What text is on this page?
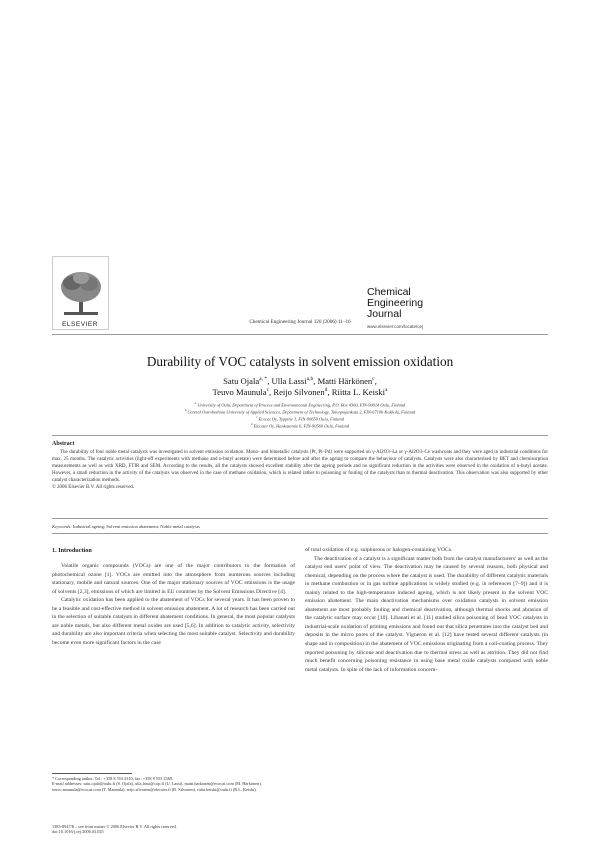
ELSEVIER	Chemical Engineering Journal 120 (2006) 11–16
Chemical
Engineering
Journal
www.elsevier.com/locate/cej
Durability of VOC catalysts in solvent emission oxidation
Satu Ojala$^{a, *}$, Ulla Lassi$^{a,b}$, Matti Härkönen$^c$,
Teuvo Maunula$^c$, Reijo Silvonen$^d$, Riitta L. Keiski$^a$
$^a$ University of Oulu, Department of Process and Environmental Engineering, P.O. Box 4300, FIN-90014 Oulu, Finland
$^b$ Central Ostrobothnia University of Applied Sciences, Department of Technology, Talonpojankatu 2, FIN-67100 Kokkola, Finland
$^c$ Ecocat Oy, Typpitie 1, FIN-90650 Oulu, Finland
$^d$ Elecster Oy, Hankasentie 6, FIN-90560 Oulu, Finland
Abstract
The durability of four noble metal catalysts was investigated in solvent emission oxidation. Mono- and bimetallic catalysts (Pt, Pt–Pd) were supported on γ-Al2O3–La or γ-Al2O3–Ce washcoats and they were aged in industrial conditions for max. 25 months. The catalytic activities (light-off experiments with methane and n-butyl acetate) were determined before and after the ageing to compare the behaviour of catalysts. Catalysts were also characterised by BET and chemisorption measurements as well as with XRD, FTIR and SEM. According to the results, all the catalysts showed excellent stability after the ageing periods and no significant reduction in the activities were observed in the oxidation of n-butyl acetate. However, a small reduction in the activity of the catalysts was observed in the case of methane oxidation, which is related rather to poisoning or fouling of the catalysts than to thermal deactivation. This observation was also supported by other catalyst characterization methods.
© 2006 Elsevier B.V. All rights reserved.
Keywords: Industrial ageing; Solvent emission abatement; Noble metal catalysts
1. Introduction

Volatile organic compounds (VOCs) are one of the major contributors to the formation of photochemical ozone [1]. VOCs are emitted into the atmosphere from numerous sources including stationary, mobile and natural sources. One of the major stationary sources of VOC emissions is the usage of solvents [2,3], emissions of which are limited in EU countries by the Solvent Emissions Directive [4].

Catalytic oxidation has been applied to the abatement of VOCs for several years. It has been proven to be a feasible and cost-effective method in solvent emission abatement. A lot of research has been carried out in the selection of suitable catalysts in different abatement conditions. In general, the most popular catalysts are noble metals, but also different metal oxides are used [5,6]. In addition to catalytic activity, selectivity and durability are also important criteria when selecting the most suitable catalyst. Selectivity and durability become even more significant factors in the case

of total oxidation of e.g. sulphurous or halogen-containing VOCs.

The deactivation of a catalyst is a significant matter both from the catalyst manufacturers' as well as the catalyst end users' point of view. The deactivation may be caused by several reasons, both physical and chemical, depending on the process where the catalyst is used. The durability of different catalytic materials in methane combustion or in gas turbine applications is widely studied (e.g. in references [7–9]) and it is mainly related to the high-temperature induced ageing, which is not likely present in the solvent VOC emission abatement. The main deactivation mechanisms over oxidation catalysts in solvent emission abatement are most probably fouling and chemical deactivation, although thermal shocks and abrasion of the catalytic surface may occur [10]. Libanati et al. [11] studied silica poisoning of bead VOC catalysts in industrial-scale oxidation of printing emissions and found out that silica penetrates into the catalyst bed and deposits in the micro pores of the catalyst. Vigneron et al. [12] have tested several different catalysts (in shape and in composition) in the abatement of VOC emissions originating from a coil-coating process. They reported poisoning by silicone and deactivation due to thermal stress as well as attrition. They did not find much benefit concerning poisoning resistance in using base metal oxide catalysts compared with noble metal catalysts. In spite of the lack of information concern-

* Corresponding author. Tel.: +358 8 553 2310; fax: +358 8 553 2369.
E-mail addresses: satu.ojala@oulu.fi (S. Ojala), ulla.lassi@cop.fi (U. Lassi), matti.harkonen@ecocat.com (M. Härkönen), teuvo.maunula@ecocat.com (T. Maunula), reijo.silvonen@elecster.fi (R. Silvonen), riitta.keiski@oulu.fi (R.L. Keiski).
1385-8947/$ – see front matter © 2006 Elsevier B.V. All rights reserved.
doi:10.1016/j.cej.2006.03.025
